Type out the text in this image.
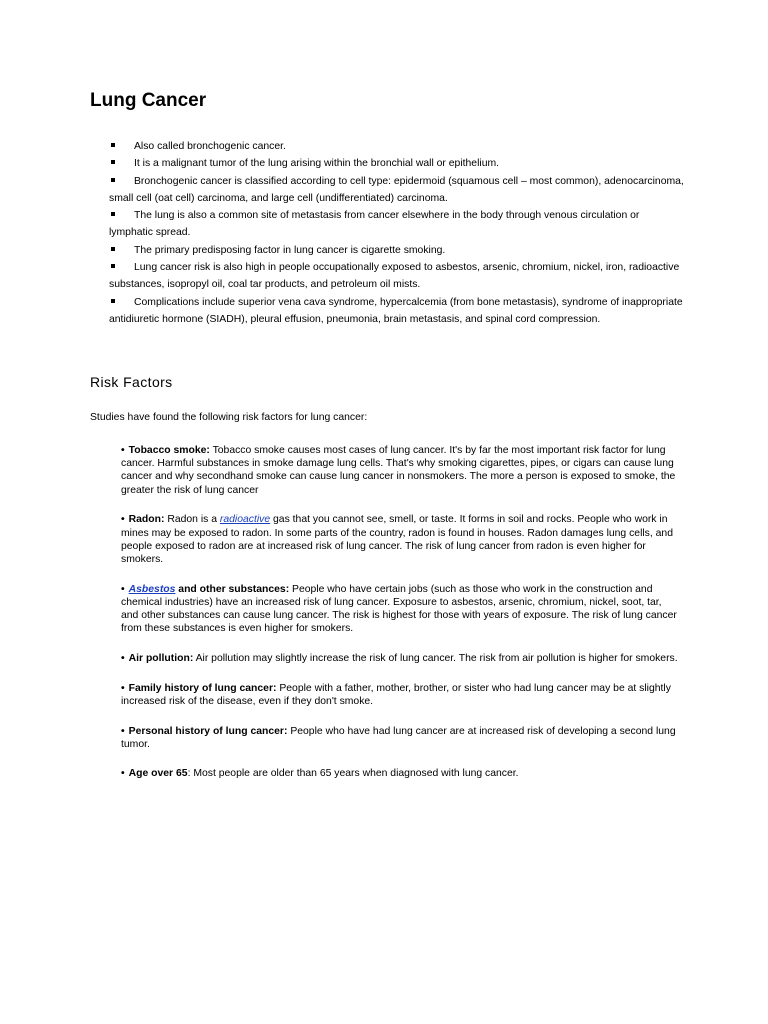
Lung Cancer
Also called bronchogenic cancer.
It is a malignant tumor of the lung arising within the bronchial wall or epithelium.
Bronchogenic cancer is classified according to cell type: epidermoid (squamous cell – most common), adenocarcinoma, small cell (oat cell) carcinoma, and large cell (undifferentiated) carcinoma.
The lung is also a common site of metastasis from cancer elsewhere in the body through venous circulation or lymphatic spread.
The primary predisposing factor in lung cancer is cigarette smoking.
Lung cancer risk is also high in people occupationally exposed to asbestos, arsenic, chromium, nickel, iron, radioactive substances, isopropyl oil, coal tar products, and petroleum oil mists.
Complications include superior vena cava syndrome, hypercalcemia (from bone metastasis), syndrome of inappropriate antidiuretic hormone (SIADH), pleural effusion, pneumonia, brain metastasis, and spinal cord compression.
Risk Factors

Studies have found the following risk factors for lung cancer:

• Tobacco smoke: Tobacco smoke causes most cases of lung cancer. It's by far the most important risk factor for lung cancer. Harmful substances in smoke damage lung cells. That's why smoking cigarettes, pipes, or cigars can cause lung cancer and why secondhand smoke can cause lung cancer in nonsmokers. The more a person is exposed to smoke, the greater the risk of lung cancer
• Radon: Radon is a radioactive gas that you cannot see, smell, or taste. It forms in soil and rocks. People who work in mines may be exposed to radon. In some parts of the country, radon is found in houses. Radon damages lung cells, and people exposed to radon are at increased risk of lung cancer. The risk of lung cancer from radon is even higher for smokers.
• Asbestos and other substances: People who have certain jobs (such as those who work in the construction and chemical industries) have an increased risk of lung cancer. Exposure to asbestos, arsenic, chromium, nickel, soot, tar, and other substances can cause lung cancer. The risk is highest for those with years of exposure. The risk of lung cancer from these substances is even higher for smokers.
• Air pollution: Air pollution may slightly increase the risk of lung cancer. The risk from air pollution is higher for smokers.
• Family history of lung cancer: People with a father, mother, brother, or sister who had lung cancer may be at slightly increased risk of the disease, even if they don't smoke.
• Personal history of lung cancer: People who have had lung cancer are at increased risk of developing a second lung tumor.
• Age over 65: Most people are older than 65 years when diagnosed with lung cancer.
